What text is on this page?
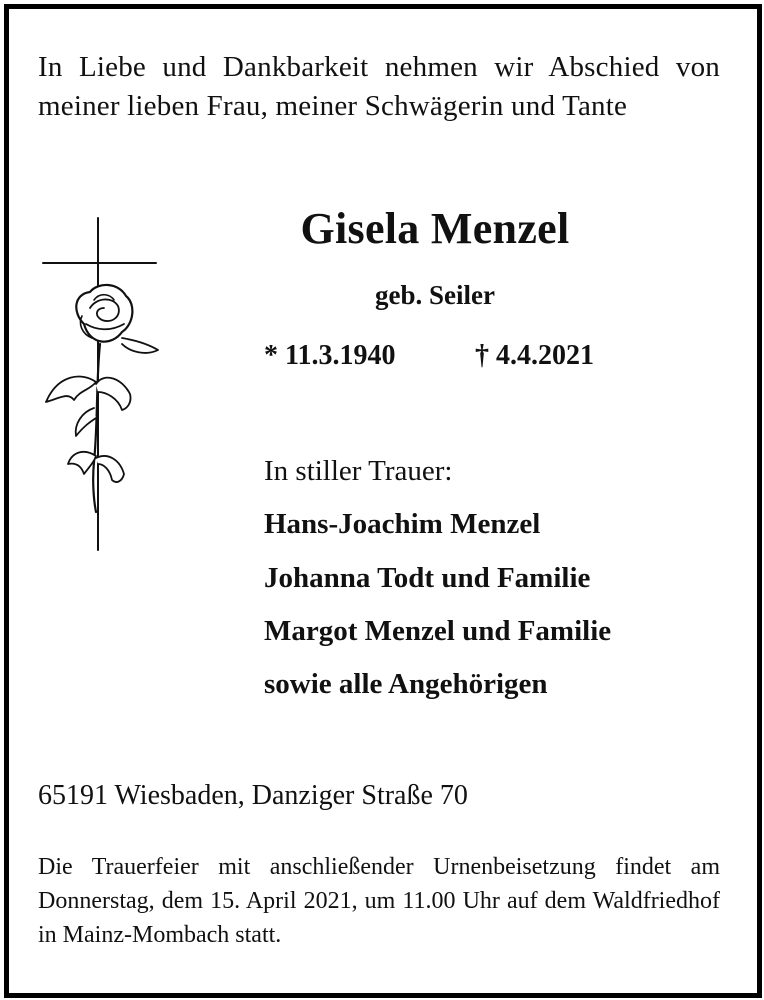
In Liebe und Dankbarkeit nehmen wir Abschied von meiner lieben Frau, meiner Schwägerin und Tante
Gisela Menzel
geb. Seiler
* 11.3.1940	† 4.4.2021
In stiller Trauer:
Hans-Joachim Menzel
Johanna Todt und Familie
Margot Menzel und Familie
sowie alle Angehörigen
65191 Wiesbaden, Danziger Straße 70
Die Trauerfeier mit anschließender Urnenbeisetzung findet am Donnerstag, dem 15. April 2021, um 11.00 Uhr auf dem Waldfriedhof in Mainz-Mombach statt.
